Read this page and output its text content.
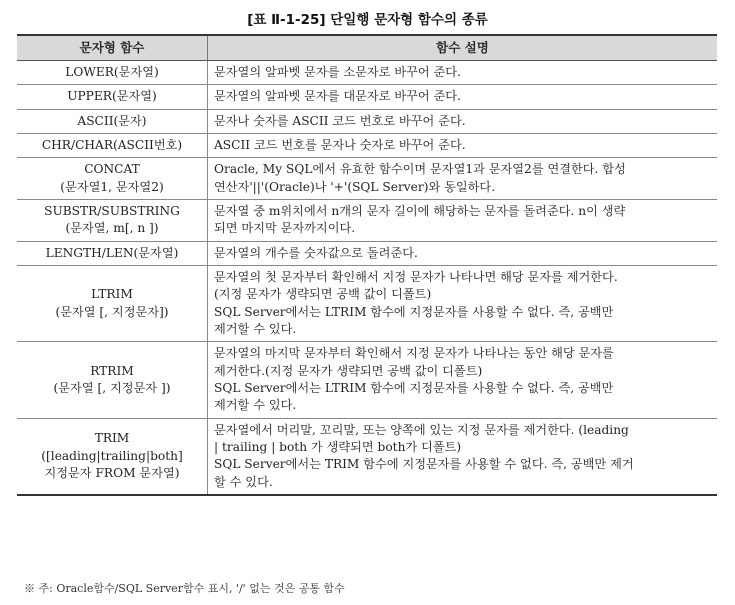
[표 Ⅱ-1-25] 단일행 문자형 함수의 종류
문자형 함수	함수 설명

LOWER(문자열)	문자열의 알파벳 문자를 소문자로 바꾸어 준다.

UPPER(문자열)	문자열의 알파벳 문자를 대문자로 바꾸어 준다.

ASCII(문자)	문자나 숫자를 ASCII 코드 번호로 바꾸어 준다.

CHR/CHAR(ASCII번호)	ASCII 코드 번호를 문자나 숫자로 바꾸어 준다.

CONCAT
(문자열1, 문자열2)	Oracle, My SQL에서 유효한 함수이며 문자열1과 문자열2를 연결한다. 합성
연산자'||'(Oracle)나 '+'(SQL Server)와 동일하다.

SUBSTR/SUBSTRING
(문자열, m[, n ])	문자열 중 m위치에서 n개의 문자 길이에 해당하는 문자를 돌려준다. n이 생략
되면 마지막 문자까지이다.

LENGTH/LEN(문자열)	문자열의 개수를 숫자값으로 돌려준다.

LTRIM
(문자열 [, 지정문자])	문자열의 첫 문자부터 확인해서 지정 문자가 나타나면 해당 문자를 제거한다.
(지정 문자가 생략되면 공백 값이 디폴트)
SQL Server에서는 LTRIM 함수에 지정문자를 사용할 수 없다. 즉, 공백만
제거할 수 있다.

RTRIM
(문자열 [, 지정문자 ])	문자열의 마지막 문자부터 확인해서 지정 문자가 나타나는 동안 해당 문자를
제거한다.(지정 문자가 생략되면 공백 값이 디폴트)
SQL Server에서는 LTRIM 함수에 지정문자를 사용할 수 없다. 즉, 공백만
제거할 수 있다.

TRIM
([leading|trailing|both]
지정문자 FROM 문자열)	문자열에서 머리말, 꼬리말, 또는 양쪽에 있는 지정 문자를 제거한다. (leading
| trailing | both 가 생략되면 both가 디폴트)
SQL Server에서는 TRIM 함수에 지정문자를 사용할 수 없다. 즉, 공백만 제거
할 수 있다.
※ 주: Oracle함수/SQL Server함수 표시, '/' 없는 것은 공통 함수
